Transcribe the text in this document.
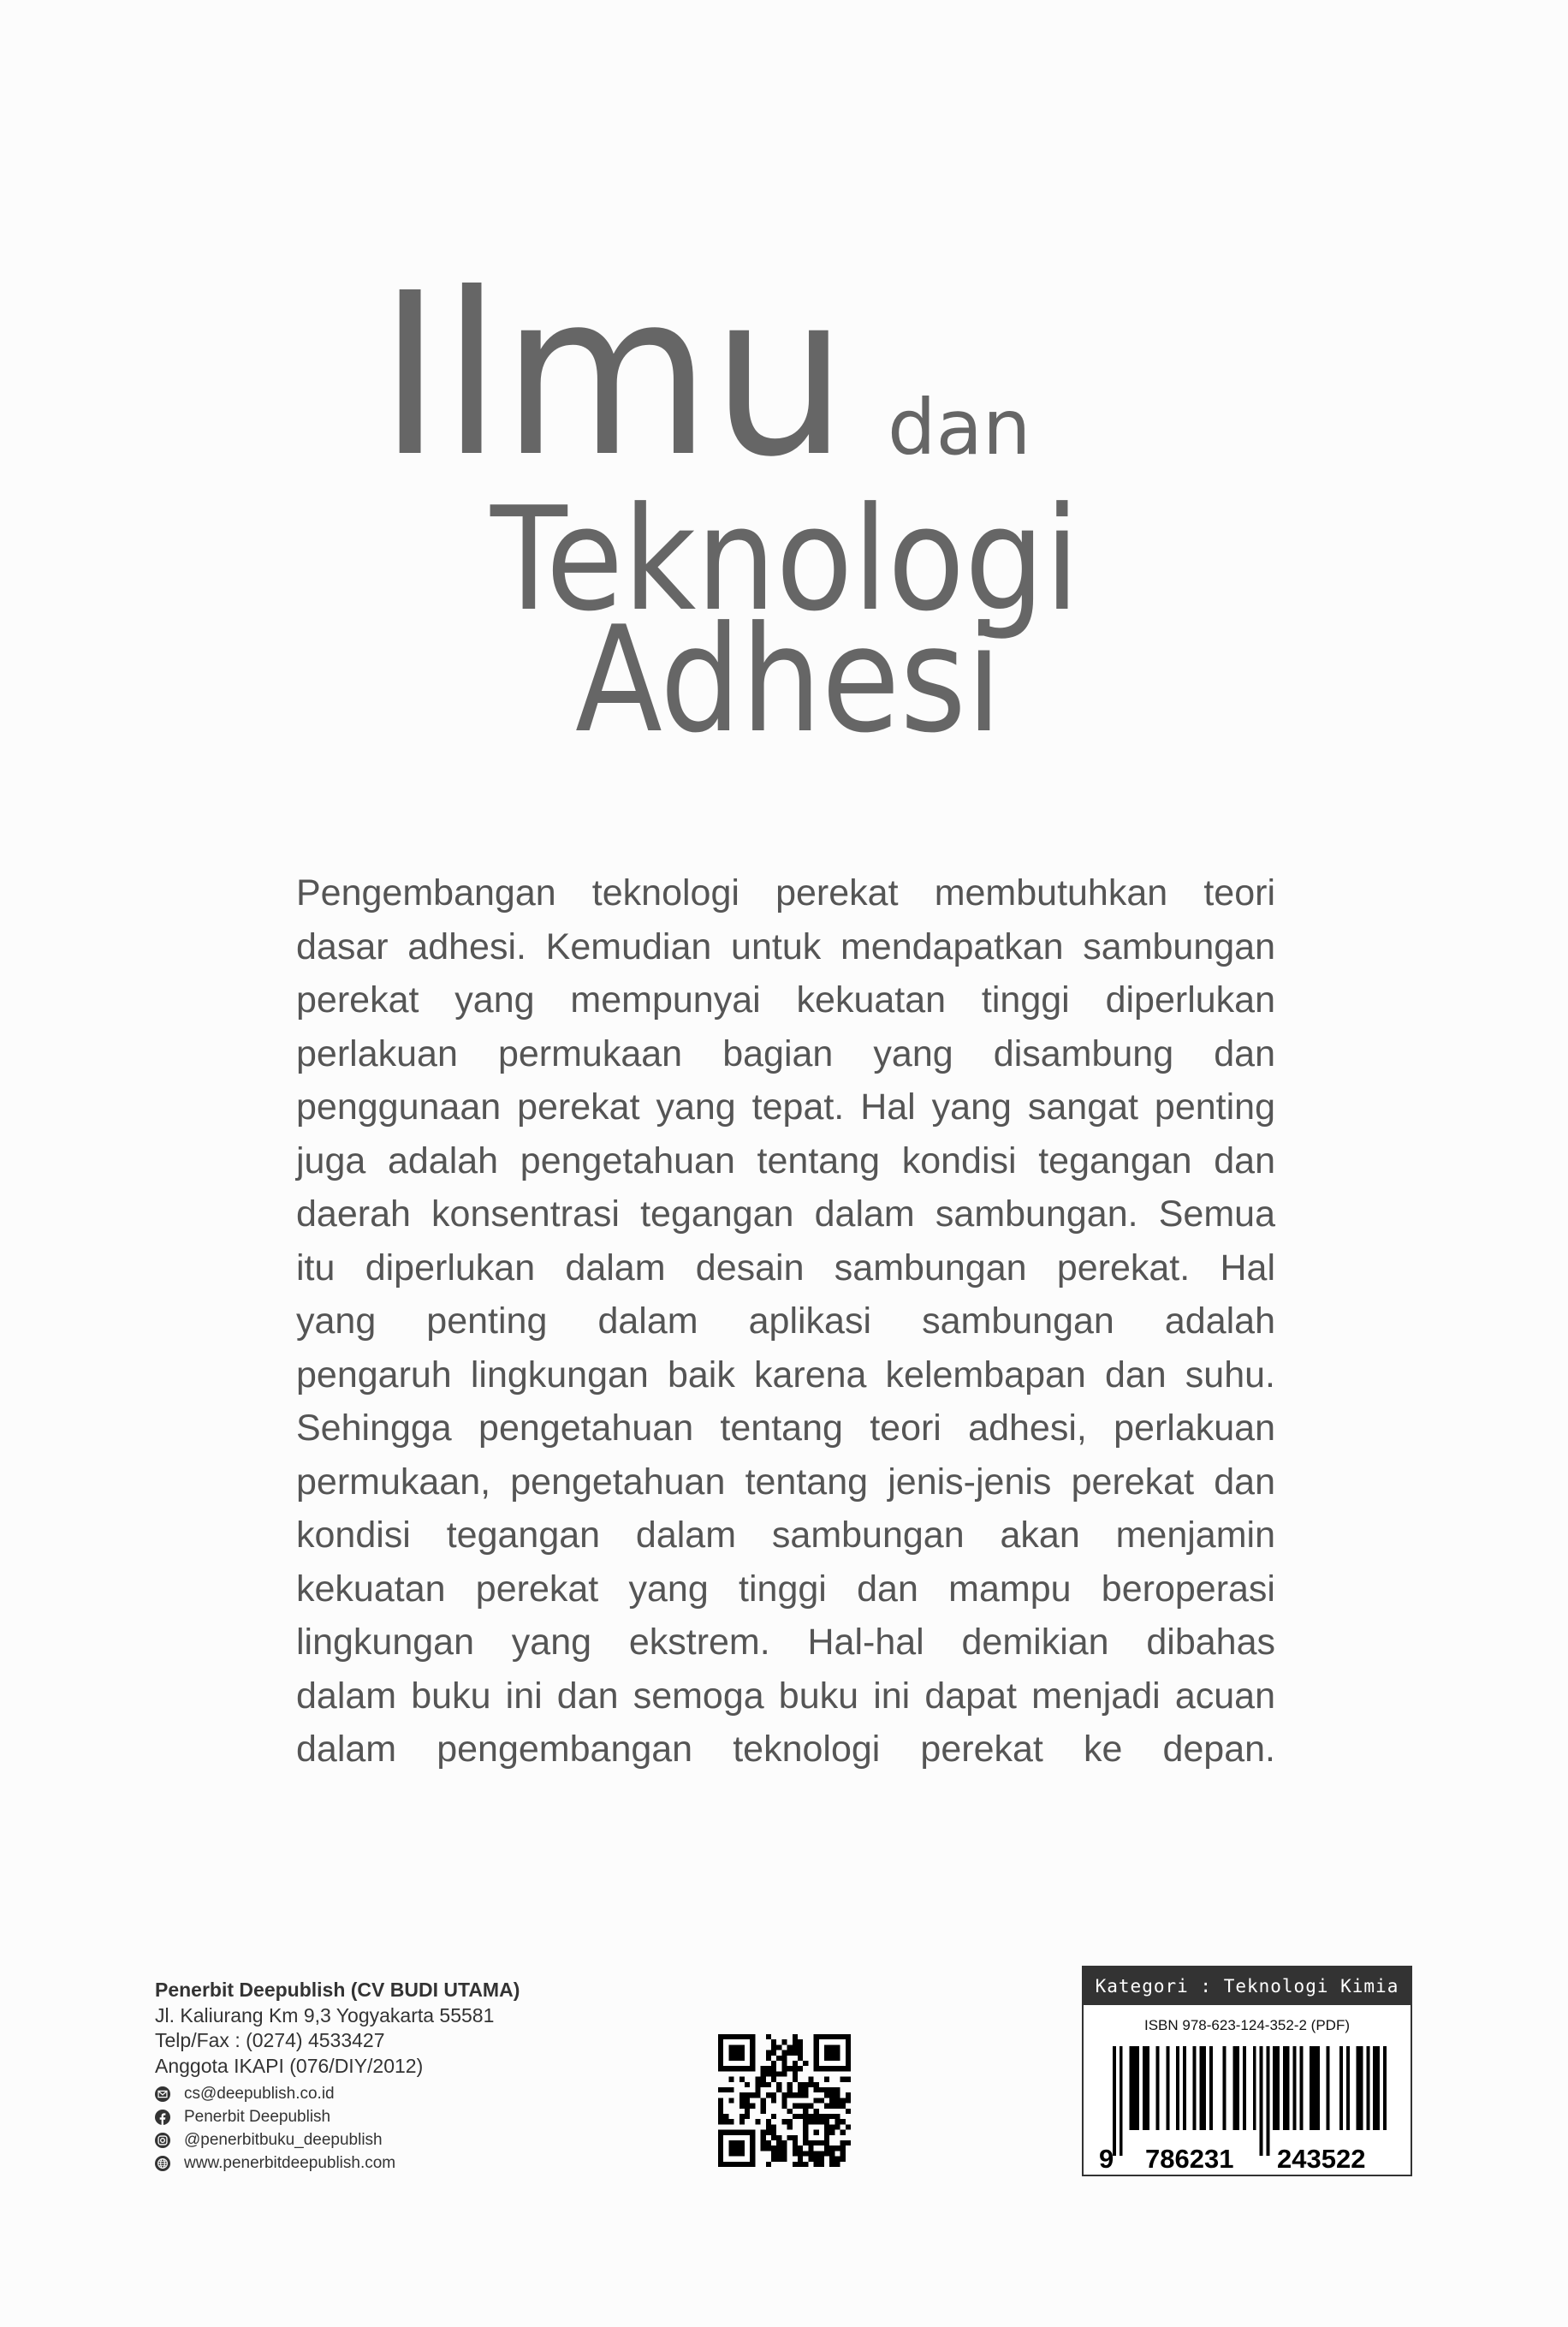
Ilmu dan
Teknologi
Adhesi
Pengembangan teknologi perekat membutuhkan teori
dasar adhesi. Kemudian untuk mendapatkan sambungan
perekat yang mempunyai kekuatan tinggi diperlukan
perlakuan permukaan bagian yang disambung dan
penggunaan perekat yang tepat. Hal yang sangat penting
juga adalah pengetahuan tentang kondisi tegangan dan
daerah konsentrasi tegangan dalam sambungan. Semua
itu diperlukan dalam desain sambungan perekat. Hal
yang penting dalam aplikasi sambungan adalah
pengaruh lingkungan baik karena kelembapan dan suhu.
Sehingga pengetahuan tentang teori adhesi, perlakuan
permukaan, pengetahuan tentang jenis-jenis perekat dan
kondisi tegangan dalam sambungan akan menjamin
kekuatan perekat yang tinggi dan mampu beroperasi
lingkungan yang ekstrem. Hal-hal demikian dibahas
dalam buku ini dan semoga buku ini dapat menjadi acuan
dalam pengembangan teknologi perekat ke depan.
Penerbit Deepublish (CV BUDI UTAMA)
Jl. Kaliurang Km 9,3 Yogyakarta 55581
Telp/Fax : (0274) 4533427
Anggota IKAPI (076/DIY/2012)
cs@deepublish.co.id
Penerbit Deepublish
@penerbitbuku_deepublish
www.penerbitdeepublish.com
Kategori : Teknologi Kimia
ISBN 978-623-124-352-2 (PDF)
9 786231 243522
